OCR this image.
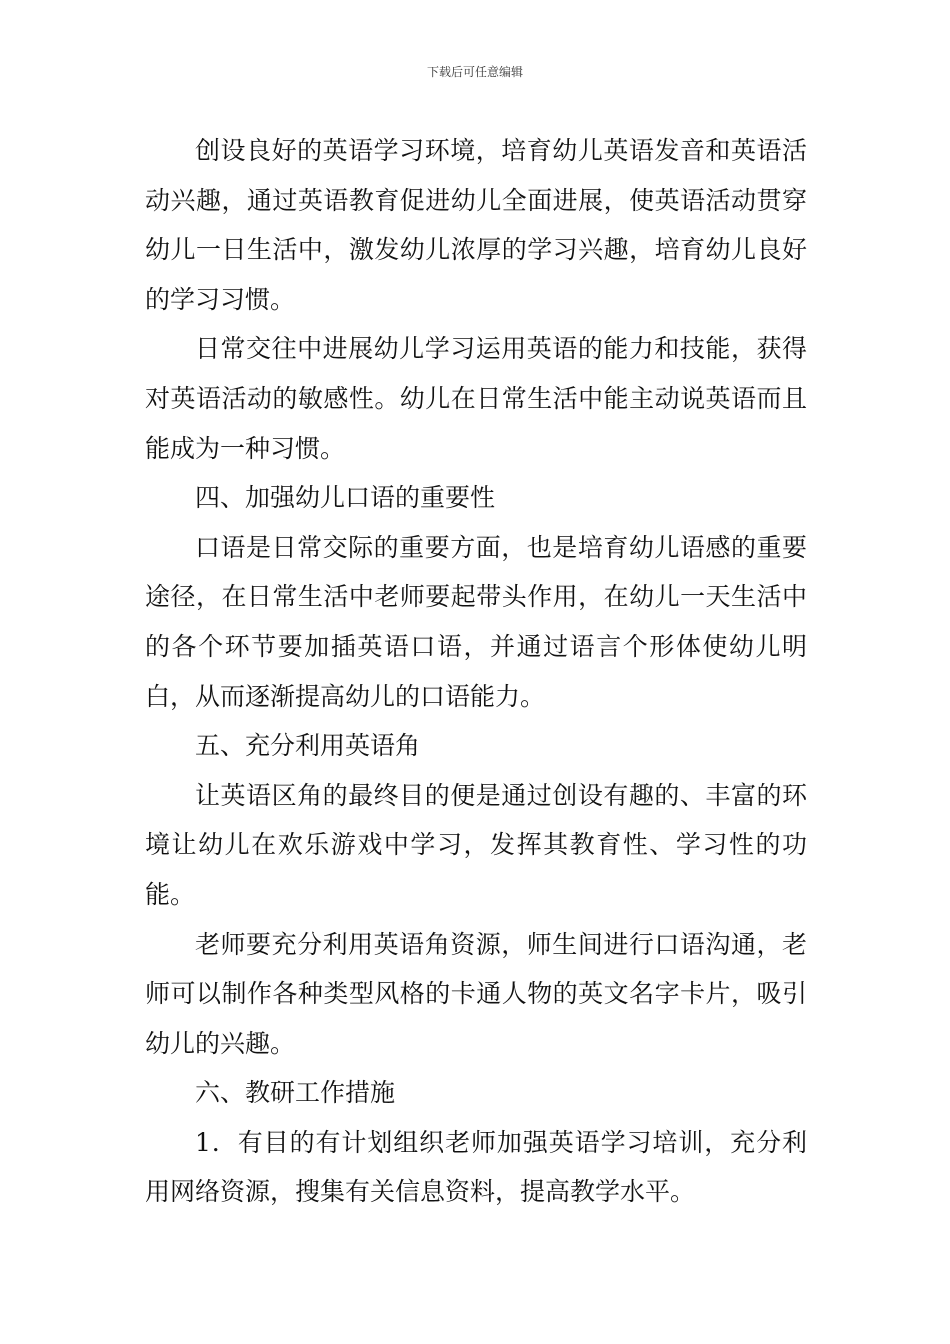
下载后可任意编辑

创设良好的英语学习环境，培育幼儿英语发音和英语活动兴趣，通过英语教育促进幼儿全面进展，使英语活动贯穿幼儿一日生活中，激发幼儿浓厚的学习兴趣，培育幼儿良好的学习习惯。

日常交往中进展幼儿学习运用英语的能力和技能，获得对英语活动的敏感性。幼儿在日常生活中能主动说英语而且能成为一种习惯。

四、加强幼儿口语的重要性

口语是日常交际的重要方面，也是培育幼儿语感的重要途径，在日常生活中老师要起带头作用，在幼儿一天生活中的各个环节要加插英语口语，并通过语言个形体使幼儿明白，从而逐渐提高幼儿的口语能力。

五、充分利用英语角

让英语区角的最终目的便是通过创设有趣的、丰富的环境让幼儿在欢乐游戏中学习，发挥其教育性、学习性的功能。

老师要充分利用英语角资源，师生间进行口语沟通，老师可以制作各种类型风格的卡通人物的英文名字卡片，吸引幼儿的兴趣。

六、教研工作措施

1．有目的有计划组织老师加强英语学习培训，充分利用网络资源，搜集有关信息资料，提高教学水平。
